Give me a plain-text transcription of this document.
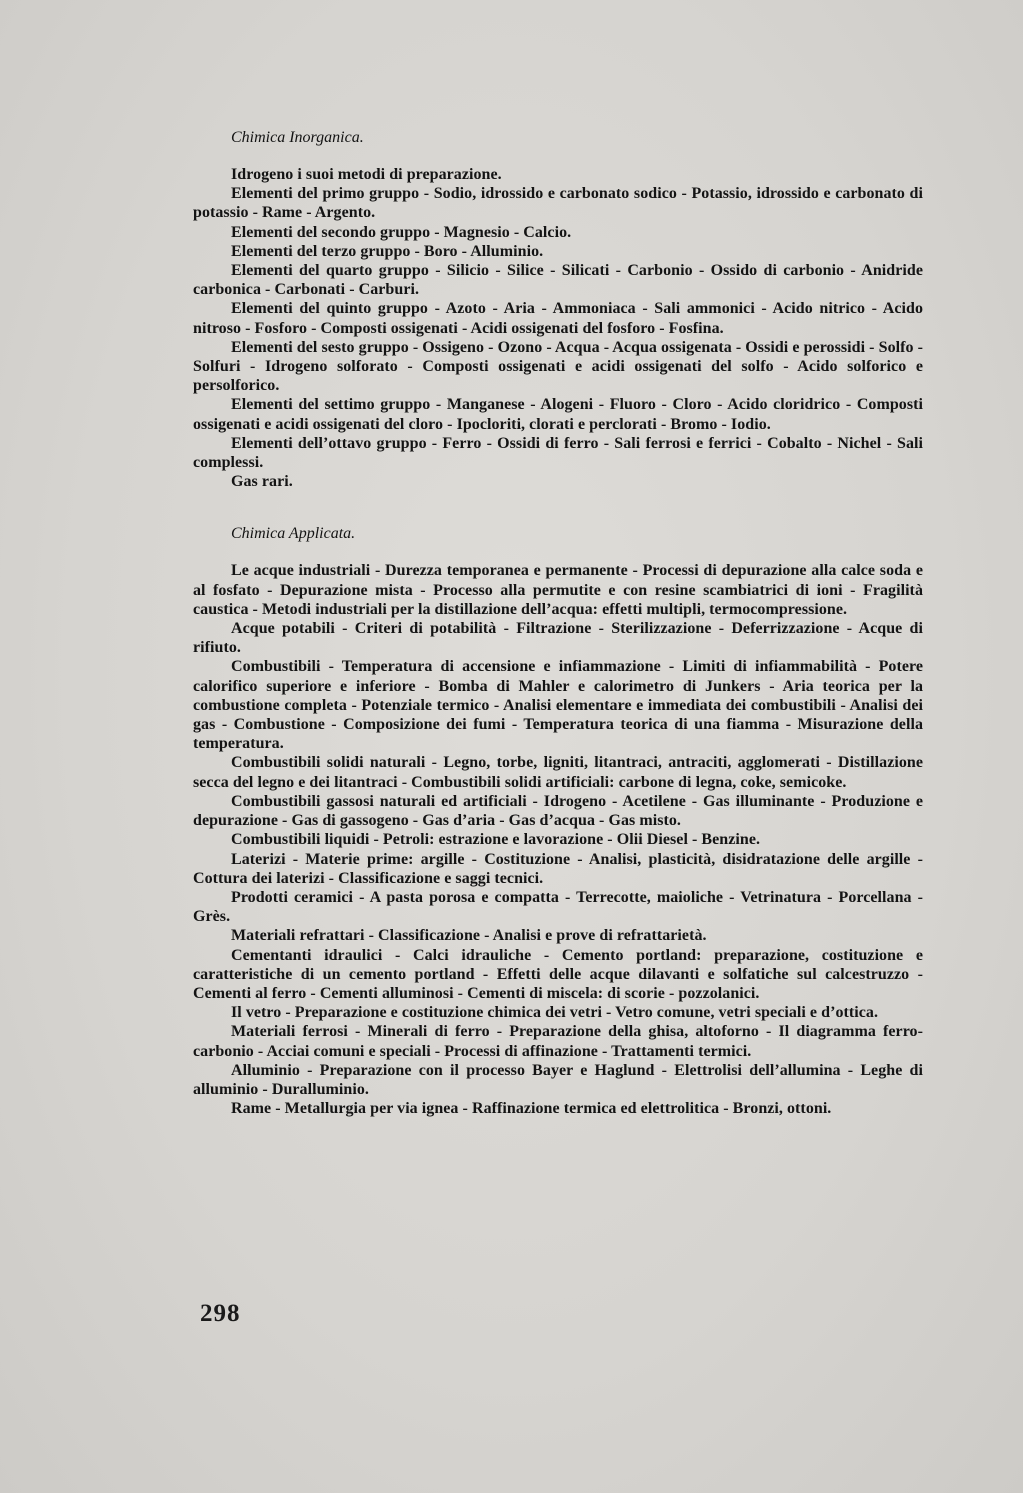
Chimica Inorganica.

Idrogeno i suoi metodi di preparazione.

Elementi del primo gruppo - Sodio, idrossido e carbonato sodico - Potassio, idrossido e carbonato di potassio - Rame - Argento.

Elementi del secondo gruppo - Magnesio - Calcio.

Elementi del terzo gruppo - Boro - Alluminio.

Elementi del quarto gruppo - Silicio - Silice - Silicati - Carbonio - Ossido di carbonio - Anidride carbonica - Carbonati - Carburi.

Elementi del quinto gruppo - Azoto - Aria - Ammoniaca - Sali ammonici - Acido nitrico - Acido nitroso - Fosforo - Composti ossigenati - Acidi ossigenati del fosforo - Fosfina.

Elementi del sesto gruppo - Ossigeno - Ozono - Acqua - Acqua ossigenata - Ossidi e perossidi - Solfo - Solfuri - Idrogeno solforato - Composti ossigenati e acidi ossigenati del solfo - Acido solforico e persolforico.

Elementi del settimo gruppo - Manganese - Alogeni - Fluoro - Cloro - Acido cloridrico - Composti ossigenati e acidi ossigenati del cloro - Ipocloriti, clorati e perclorati - Bromo - Iodio.

Elementi dell’ottavo gruppo - Ferro - Ossidi di ferro - Sali ferrosi e ferrici - Cobalto - Nichel - Sali complessi.

Gas rari.

Chimica Applicata.

Le acque industriali - Durezza temporanea e permanente - Processi di depurazione alla calce soda e al fosfato - Depurazione mista - Processo alla permutite e con resine scambiatrici di ioni - Fragilità caustica - Metodi industriali per la distillazione dell’acqua: effetti multipli, termocompressione.

Acque potabili - Criteri di potabilità - Filtrazione - Sterilizzazione - Deferrizzazione - Acque di rifiuto.

Combustibili - Temperatura di accensione e infiammazione - Limiti di infiammabilità - Potere calorifico superiore e inferiore - Bomba di Mahler e calorimetro di Junkers - Aria teorica per la combustione completa - Potenziale termico - Analisi elementare e immediata dei combustibili - Analisi dei gas - Combustione - Composizione dei fumi - Temperatura teorica di una fiamma - Misurazione della temperatura.

Combustibili solidi naturali - Legno, torbe, ligniti, litantraci, antraciti, agglomerati - Distillazione secca del legno e dei litantraci - Combustibili solidi artificiali: carbone di legna, coke, semicoke.

Combustibili gassosi naturali ed artificiali - Idrogeno - Acetilene - Gas illuminante - Produzione e depurazione - Gas di gassogeno - Gas d’aria - Gas d’acqua - Gas misto.

Combustibili liquidi - Petroli: estrazione e lavorazione - Olii Diesel - Benzine.

Laterizi - Materie prime: argille - Costituzione - Analisi, plasticità, disidratazione delle argille - Cottura dei laterizi - Classificazione e saggi tecnici.

Prodotti ceramici - A pasta porosa e compatta - Terrecotte, maioliche - Vetrinatura - Porcellana - Grès.

Materiali refrattari - Classificazione - Analisi e prove di refrattarietà.

Cementanti idraulici - Calci idrauliche - Cemento portland: preparazione, costituzione e caratteristiche di un cemento portland - Effetti delle acque dilavanti e solfatiche sul calcestruzzo - Cementi al ferro - Cementi alluminosi - Cementi di miscela: di scorie - pozzolanici.

Il vetro - Preparazione e costituzione chimica dei vetri - Vetro comune, vetri speciali e d’ottica.

Materiali ferrosi - Minerali di ferro - Preparazione della ghisa, altoforno - Il diagramma ferro-carbonio - Acciai comuni e speciali - Processi di affinazione - Trattamenti termici.

Alluminio - Preparazione con il processo Bayer e Haglund - Elettrolisi dell’allumina - Leghe di alluminio - Duralluminio.

Rame - Metallurgia per via ignea - Raffinazione termica ed elettrolitica - Bronzi, ottoni.

298
